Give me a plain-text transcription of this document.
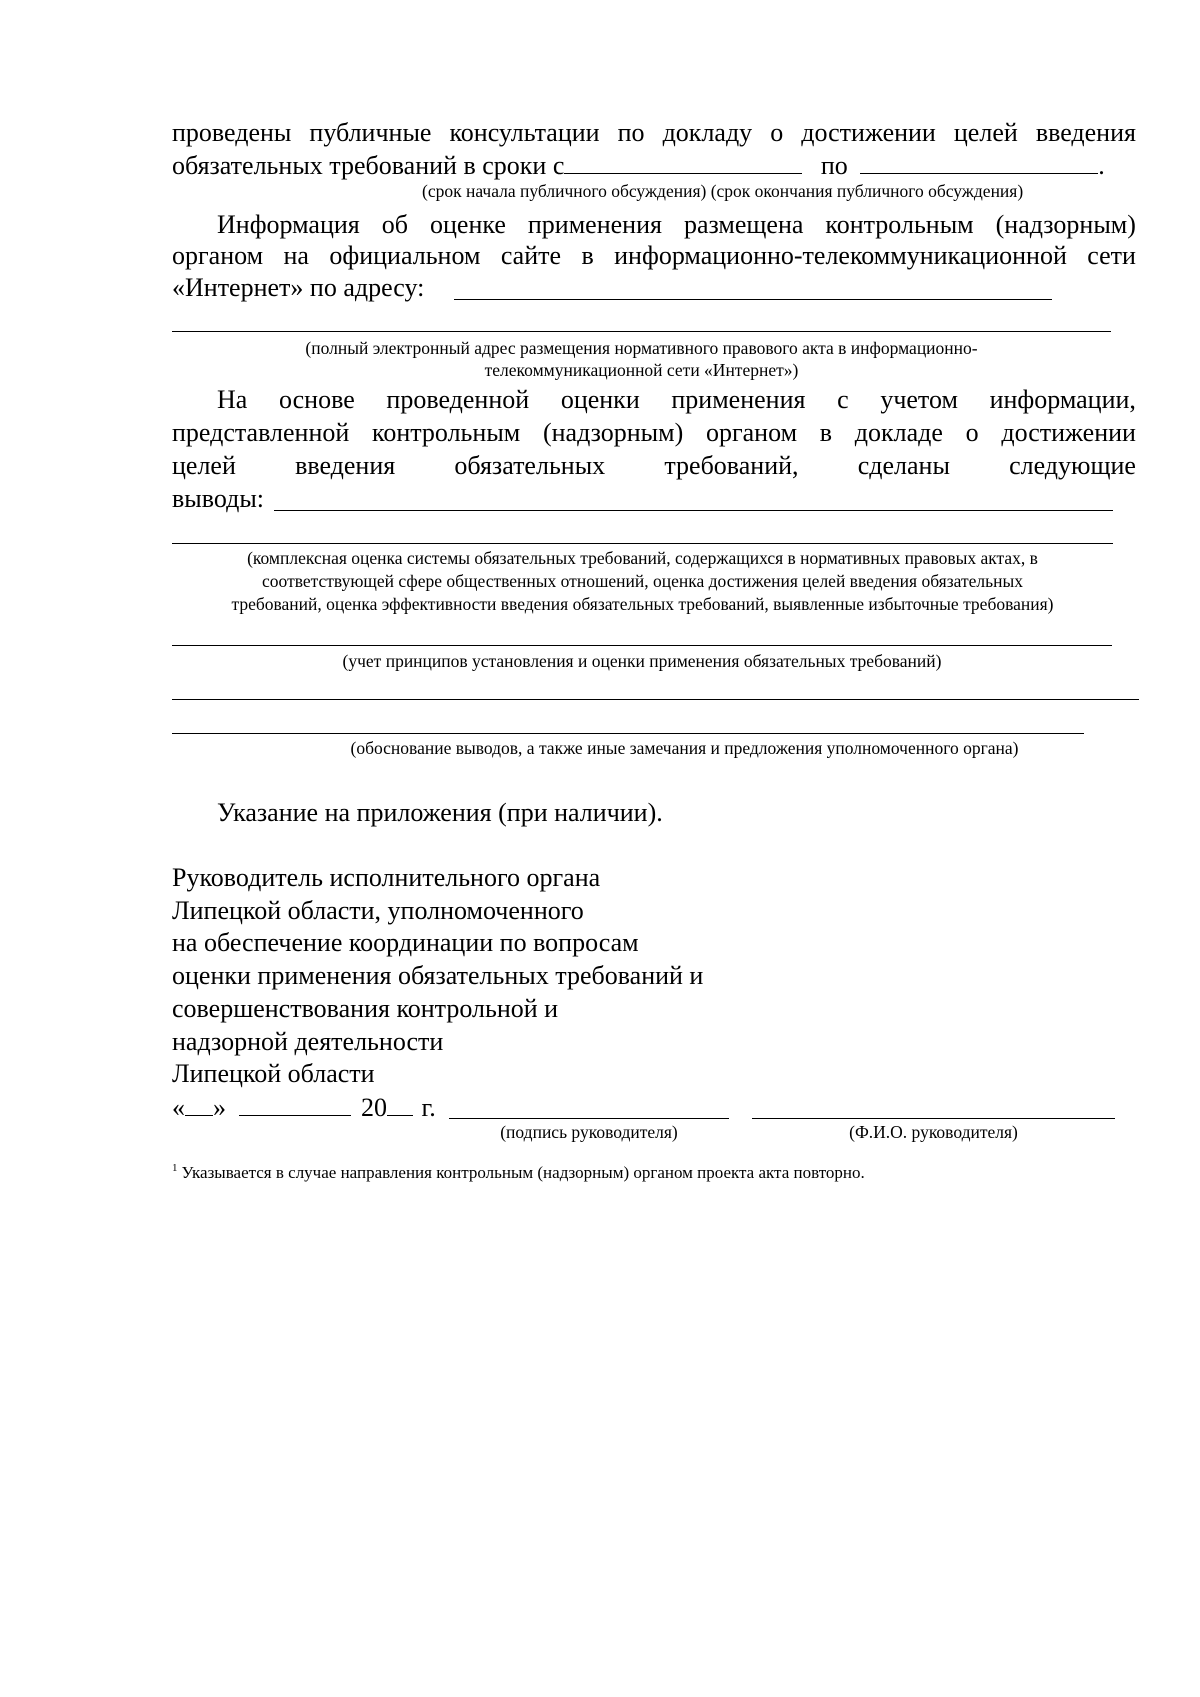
проведены публичные консультации по докладу о достижении целей введения
обязательных требований в сроки с	по	.
(срок начала публичного обсуждения) (срок окончания публичного обсуждения)
Информация об оценке применения размещена контрольным (надзорным)
органом на официальном сайте в информационно-телекоммуникационной сети
«Интернет» по адресу:
(полный электронный адрес размещения нормативного правового акта в информационно-
телекоммуникационной сети «Интернет»)
На основе проведенной оценки применения с учетом информации,
представленной контрольным (надзорным) органом в докладе о достижении
целей введения обязательных требований, сделаны следующие
выводы:
(комплексная оценка системы обязательных требований, содержащихся в нормативных правовых актах, в
соответствующей сфере общественных отношений, оценка достижения целей введения обязательных
требований, оценка эффективности введения обязательных требований, выявленные избыточные требования)
(учет принципов установления и оценки применения обязательных требований)
(обоснование выводов, а также иные замечания и предложения уполномоченного органа)
Указание на приложения (при наличии).
Руководитель исполнительного органа
Липецкой области, уполномоченного
на обеспечение координации по вопросам
оценки применения обязательных требований и
совершенствования контрольной и
надзорной деятельности
Липецкой области
« »	20 г.
(подпись руководителя)	(Ф.И.О. руководителя)
$^1$ Указывается в случае направления контрольным (надзорным) органом проекта акта повторно.
